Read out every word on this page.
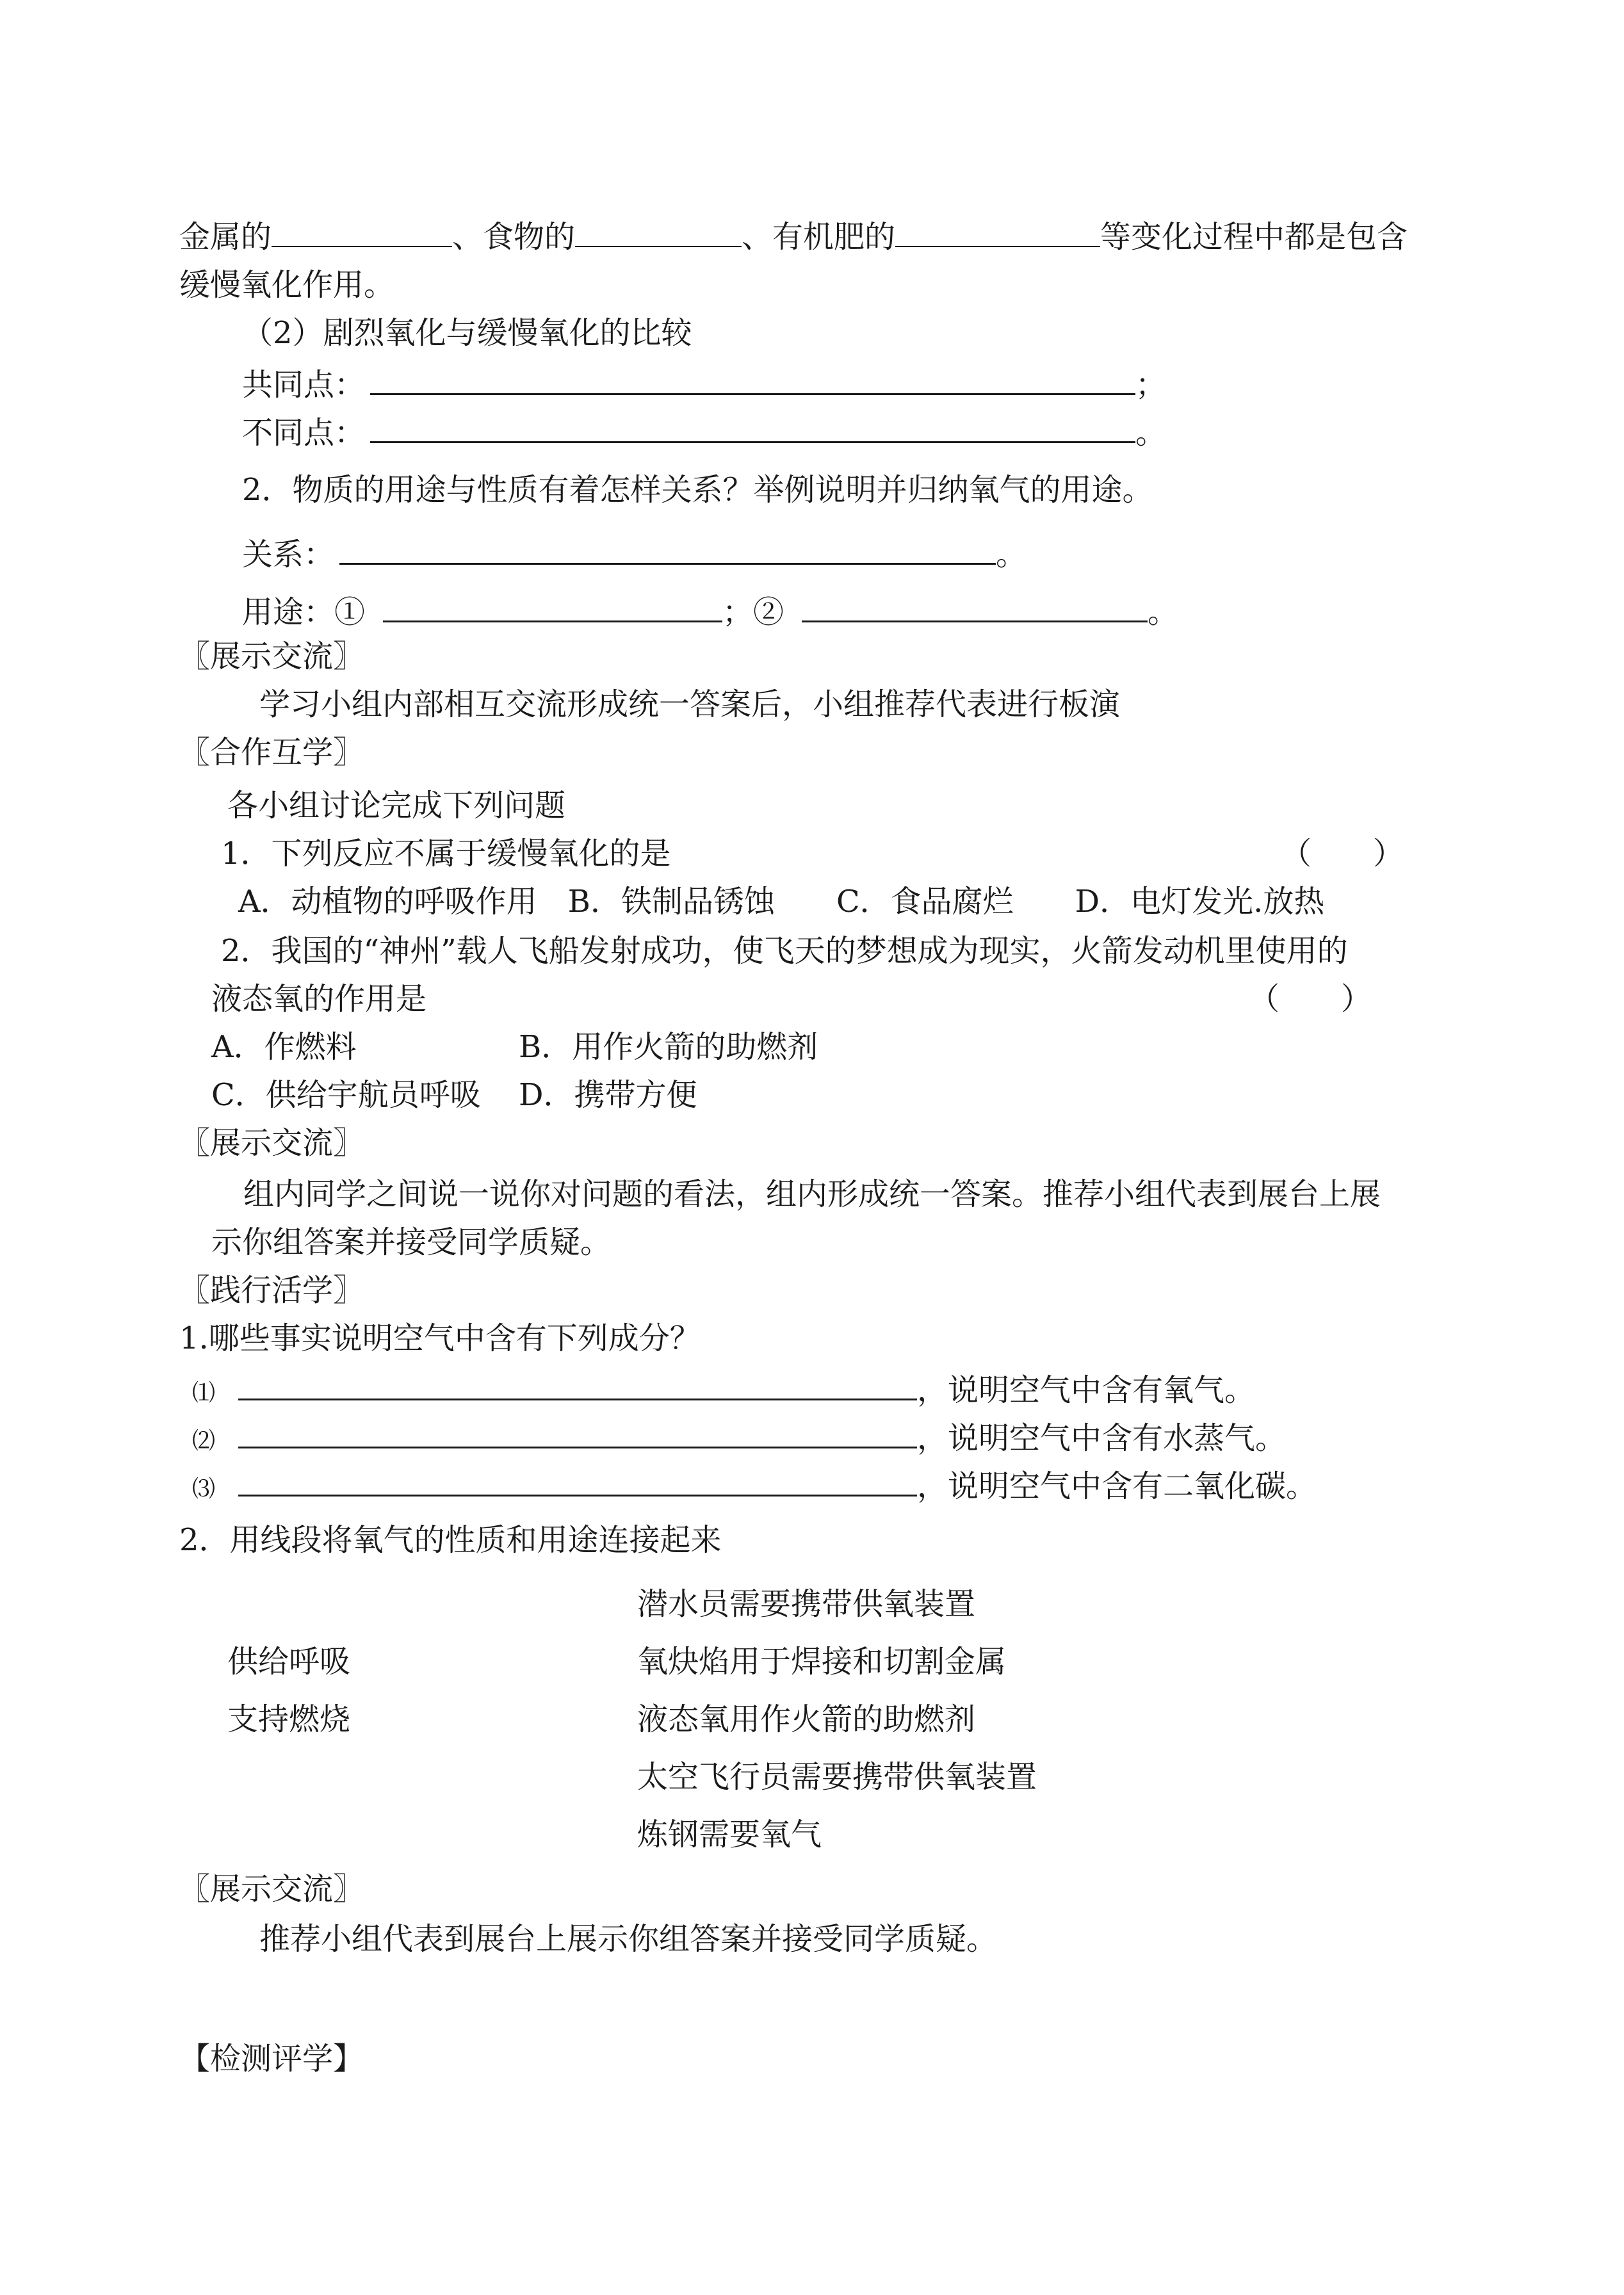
金属的	、食物的	、有机肥的	等变化过程中都是包含
缓慢氧化作用。
（2）剧烈氧化与缓慢氧化的比较
共同点：	；
不同点：	。
2．物质的用途与性质有着怎样关系？举例说明并归纳氧气的用途。
关系：	。
用途：①	；②	。
〖展示交流〗
学习小组内部相互交流形成统一答案后，小组推荐代表进行板演
〖合作互学〗
各小组讨论完成下列问题
1．下列反应不属于缓慢氧化的是	（　　）
A．动植物的呼吸作用　B．铁制品锈蚀　　C．食品腐烂　　D．电灯发光.放热
2．我国的“神州”载人飞船发射成功，使飞天的梦想成为现实，火箭发动机里使用的
液态氧的作用是	（　　）
A．作燃料	B．用作火箭的助燃剂
C．供给宇航员呼吸 D．携带方便
〖展示交流〗
组内同学之间说一说你对问题的看法，组内形成统一答案。推荐小组代表到展台上展
示你组答案并接受同学质疑。
〖践行活学〗
1.哪些事实说明空气中含有下列成分？
⑴	，说明空气中含有氧气。
⑵	，说明空气中含有水蒸气。
⑶	，说明空气中含有二氧化碳。
2．用线段将氧气的性质和用途连接起来
供给呼吸
支持燃烧
潜水员需要携带供氧装置
氧炔焰用于焊接和切割金属
液态氧用作火箭的助燃剂
太空飞行员需要携带供氧装置
炼钢需要氧气
〖展示交流〗
推荐小组代表到展台上展示你组答案并接受同学质疑。
【检测评学】
